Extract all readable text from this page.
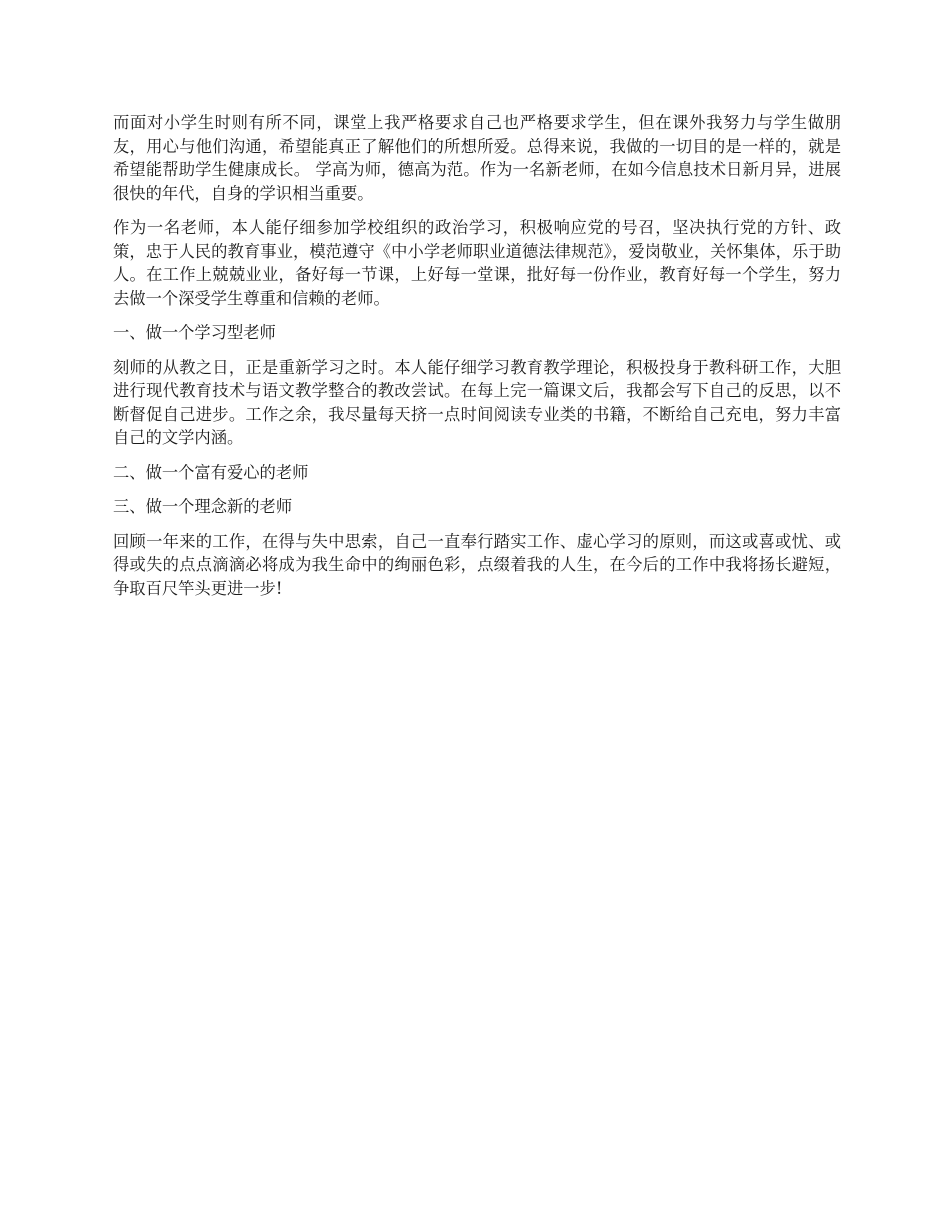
而面对小学生时则有所不同，课堂上我严格要求自己也严格要求学生，但在课外我努力与学生做朋友，用心与他们沟通，希望能真正了解他们的所想所爱。总得来说，我做的一切目的是一样的，就是希望能帮助学生健康成长。 学高为师，德高为范。作为一名新老师，在如今信息技术日新月异，进展很快的年代，自身的学识相当重要。

作为一名老师，本人能仔细参加学校组织的政治学习，积极响应党的号召，坚决执行党的方针、政策，忠于人民的教育事业，模范遵守《中小学老师职业道德法律规范》，爱岗敬业，关怀集体，乐于助人。在工作上兢兢业业，备好每一节课，上好每一堂课，批好每一份作业，教育好每一个学生，努力去做一个深受学生尊重和信赖的老师。

一、做一个学习型老师

刻师的从教之日，正是重新学习之时。本人能仔细学习教育教学理论，积极投身于教科研工作，大胆进行现代教育技术与语文教学整合的教改尝试。在每上完一篇课文后，我都会写下自己的反思，以不断督促自己进步。工作之余，我尽量每天挤一点时间阅读专业类的书籍，不断给自己充电，努力丰富自己的文学内涵。

二、做一个富有爱心的老师

三、做一个理念新的老师

回顾一年来的工作，在得与失中思索，自己一直奉行踏实工作、虚心学习的原则，而这或喜或忧、或得或失的点点滴滴必将成为我生命中的绚丽色彩，点缀着我的人生，在今后的工作中我将扬长避短，争取百尺竿头更进一步!
